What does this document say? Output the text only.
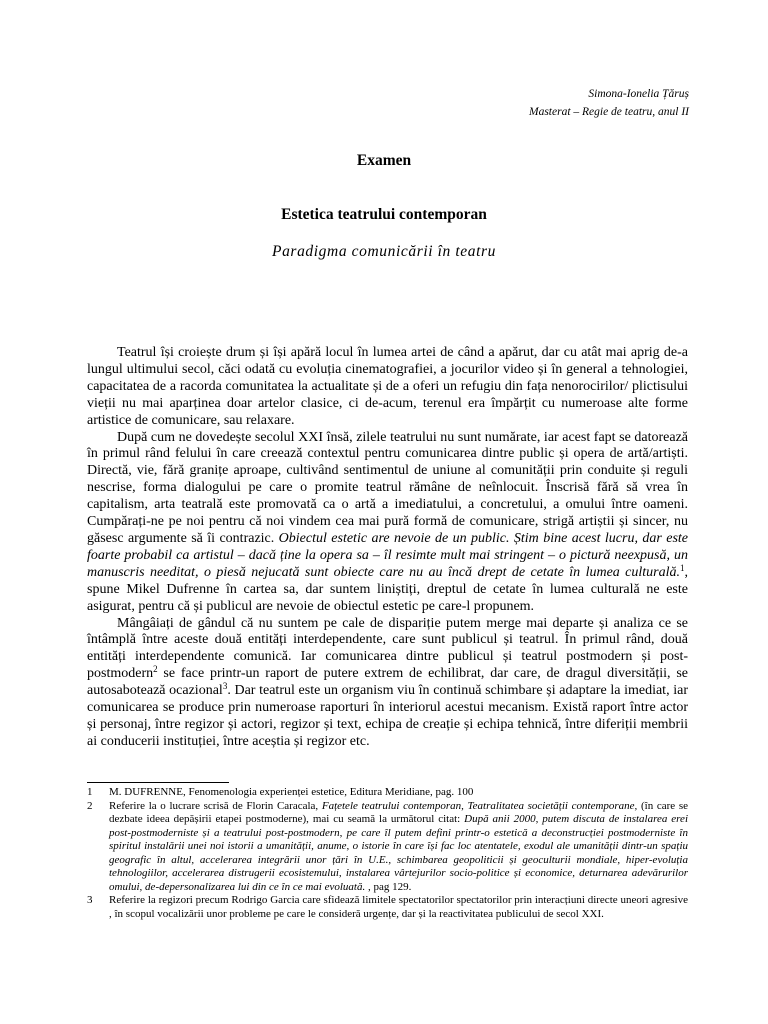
Simona-Ionelia Țăruș
Masterat – Regie de teatru, anul II
Examen
Estetica teatrului contemporan
Paradigma comunicării în teatru

Teatrul își croiește drum și își apără locul în lumea artei de când a apărut, dar cu atât mai aprig de-a lungul ultimului secol, căci odată cu evoluția cinematografiei, a jocurilor video și în general a tehnologiei, capacitatea de a racorda comunitatea la actualitate și de a oferi un refugiu din fața nenorocirilor/ plictisului vieții nu mai aparținea doar artelor clasice, ci de-acum, terenul era împărțit cu numeroase alte forme artistice de comunicare, sau relaxare.

După cum ne dovedește secolul XXI însă, zilele teatrului nu sunt numărate, iar acest fapt se datorează în primul rând felului în care creează contextul pentru comunicarea dintre public și opera de artă/artiști. Directă, vie, fără granițe aproape, cultivând sentimentul de uniune al comunității prin conduite și reguli nescrise, forma dialogului pe care o promite teatrul rămâne de neînlocuit. Înscrisă fără să vrea în capitalism, arta teatrală este promovată ca o artă a imediatului, a concretului, a omului între oameni. Cumpărați-ne pe noi pentru că noi vindem cea mai pură formă de comunicare, strigă artiștii și sincer, nu găsesc argumente să îi contrazic. Obiectul estetic are nevoie de un public. Știm bine acest lucru, dar este foarte probabil ca artistul – dacă ține la opera sa – îl resimte mult mai stringent – o pictură neexpusă, un manuscris needitat, o piesă nejucată sunt obiecte care nu au încă drept de cetate în lumea culturală.$^1$, spune Mikel Dufrenne în cartea sa, dar suntem liniștiți, dreptul de cetate în lumea culturală ne este asigurat, pentru că și publicul are nevoie de obiectul estetic pe care-l propunem.

Mângâiați de gândul că nu suntem pe cale de dispariție putem merge mai departe și analiza ce se întâmplă între aceste două entități interdependente, care sunt publicul și teatrul. În primul rând, două entități interdependente comunică. Iar comunicarea dintre publicul și teatrul postmodern și post-postmodern$^2$ se face printr-un raport de putere extrem de echilibrat, dar care, de dragul diversității, se autosabotează ocazional$^3$. Dar teatrul este un organism viu în continuă schimbare și adaptare la imediat, iar comunicarea se produce prin numeroase raporturi în interiorul acestui mecanism. Există raport între actor și personaj, între regizor și actori, regizor și text, echipa de creație și echipa tehnică, între diferiții membrii ai conducerii instituției, între aceștia și regizor etc.

1	M. DUFRENNE, Fenomenologia experienței estetice, Editura Meridiane, pag. 100
2	Referire la o lucrare scrisă de Florin Caracala, Fațetele teatrului contemporan, Teatralitatea societății contemporane, (în care se dezbate ideea depășirii etapei postmoderne), mai cu seamă la următorul citat: După anii 2000, putem discuta de instalarea erei post-postmoderniste și a teatrului post-postmodern, pe care îl putem defini printr-o estetică a deconstrucției postmoderniste în spiritul instalării unei noi istorii a umanității, anume, o istorie în care își fac loc atentatele, exodul ale umanității dintr-un spațiu geografic în altul, accelerarea integrării unor țări în U.E., schimbarea geopoliticii și geoculturii mondiale, hiper-evoluția tehnologiilor, accelerarea distrugerii ecosistemului, instalarea vârtejurilor socio-politice și economice, deturnarea adevărurilor omului, de-depersonalizarea lui din ce în ce mai evoluată. , pag 129.
3	Referire la regizori precum Rodrigo Garcia care sfidează limitele spectatorilor spectatorilor prin interacțiuni directe uneori agresive , în scopul vocalizării unor probleme pe care le consideră urgențe, dar și la reactivitatea publicului de secol XXI.
